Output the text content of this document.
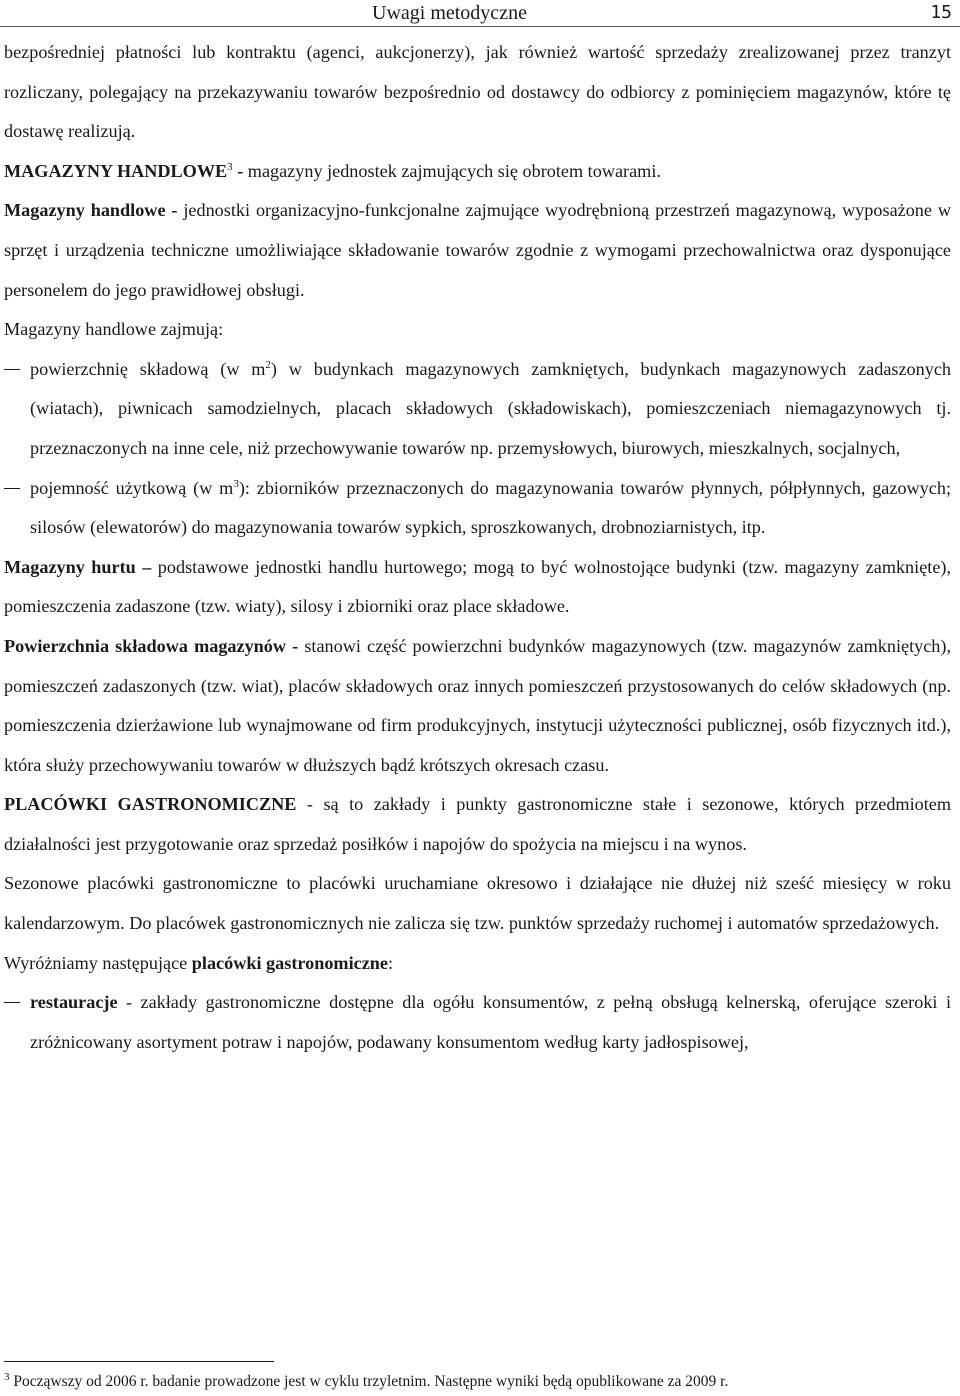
Uwagi metodyczne	15

bezpośredniej płatności lub kontraktu (agenci, aukcjonerzy), jak również wartość sprzedaży zrealizowanej przez tranzyt rozliczany, polegający na przekazywaniu towarów bezpośrednio od dostawcy do odbiorcy z pominięciem magazynów, które tę dostawę realizują.

MAGAZYNY HANDLOWE$^3$ - magazyny jednostek zajmujących się obrotem towarami.

Magazyny handlowe - jednostki organizacyjno-funkcjonalne zajmujące wyodrębnioną przestrzeń magazynową, wyposażone w sprzęt i urządzenia techniczne umożliwiające składowanie towarów zgodnie z wymogami przechowalnictwa oraz dysponujące personelem do jego prawidłowej obsługi.

Magazyny handlowe zajmują:

powierzchnię składową (w $m^2$) w budynkach magazynowych zamkniętych, budynkach magazynowych zadaszonych (wiatach), piwnicach samodzielnych, placach składowych (składowiskach), pomieszczeniach niemagazynowych tj. przeznaczonych na inne cele, niż przechowywanie towarów np. przemysłowych, biurowych, mieszkalnych, socjalnych,
pojemność użytkową (w $m^3$): zbiorników przeznaczonych do magazynowania towarów płynnych, półpłynnych, gazowych; silosów (elewatorów) do magazynowania towarów sypkich, sproszkowanych, drobnoziarnistych, itp.

Magazyny hurtu – podstawowe jednostki handlu hurtowego; mogą to być wolnostojące budynki (tzw. magazyny zamknięte), pomieszczenia zadaszone (tzw. wiaty), silosy i zbiorniki oraz place składowe.

Powierzchnia składowa magazynów - stanowi część powierzchni budynków magazynowych (tzw. magazynów zamkniętych), pomieszczeń zadaszonych (tzw. wiat), placów składowych oraz innych pomieszczeń przystosowanych do celów składowych (np. pomieszczenia dzierżawione lub wynajmowane od firm produkcyjnych, instytucji użyteczności publicznej, osób fizycznych itd.), która służy przechowywaniu towarów w dłuższych bądź krótszych okresach czasu.

PLACÓWKI GASTRONOMICZNE - są to zakłady i punkty gastronomiczne stałe i sezonowe, których przedmiotem działalności jest przygotowanie oraz sprzedaż posiłków i napojów do spożycia na miejscu i na wynos.

Sezonowe placówki gastronomiczne to placówki uruchamiane okresowo i działające nie dłużej niż sześć miesięcy w roku kalendarzowym. Do placówek gastronomicznych nie zalicza się tzw. punktów sprzedaży ruchomej i automatów sprzedażowych.

Wyróżniamy następujące placówki gastronomiczne:

restauracje - zakłady gastronomiczne dostępne dla ogółu konsumentów, z pełną obsługą kelnerską, oferujące szeroki i zróżnicowany asortyment potraw i napojów, podawany konsumentom według karty jadłospisowej,
$^3$ Począwszy od 2006 r. badanie prowadzone jest w cyklu trzyletnim. Następne wyniki będą opublikowane za 2009 r.
